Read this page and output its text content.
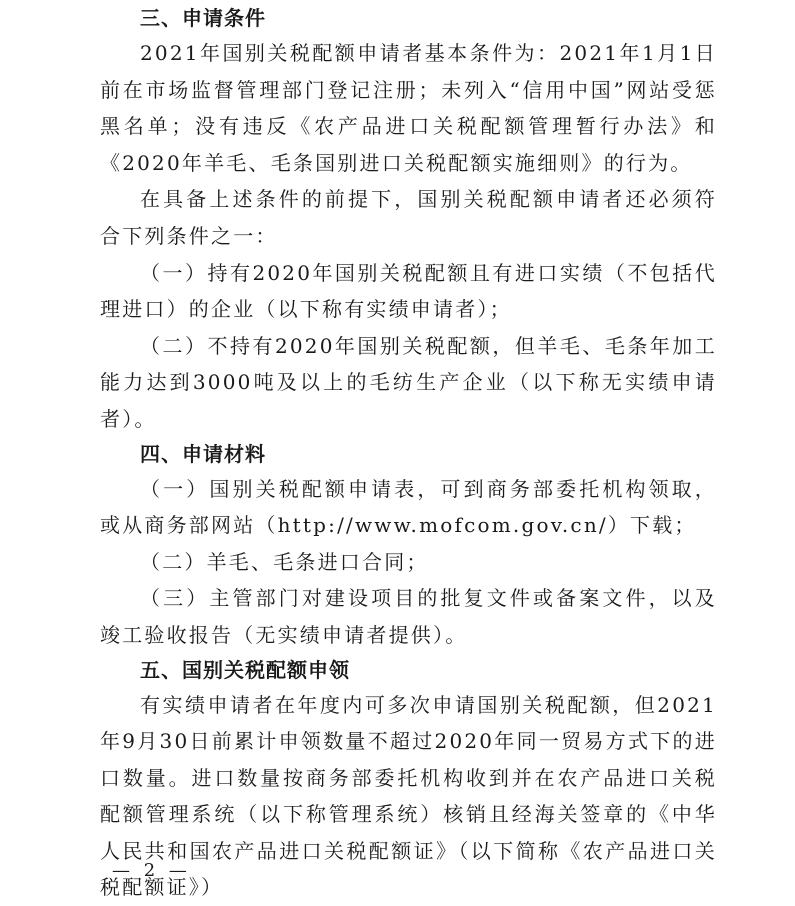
三、申请条件

2021年国别关税配额申请者基本条件为：2021年1月1日前在市场监督管理部门登记注册；未列入“信用中国”网站受惩黑名单；没有违反《农产品进口关税配额管理暂行办法》和《2020年羊毛、毛条国别进口关税配额实施细则》的行为。

在具备上述条件的前提下，国别关税配额申请者还必须符合下列条件之一：

（一）持有2020年国别关税配额且有进口实绩（不包括代理进口）的企业（以下称有实绩申请者）；

（二）不持有2020年国别关税配额，但羊毛、毛条年加工能力达到3000吨及以上的毛纺生产企业（以下称无实绩申请者）。

四、申请材料

（一）国别关税配额申请表，可到商务部委托机构领取，或从商务部网站（http://www.mofcom.gov.cn/）下载；

（二）羊毛、毛条进口合同；

（三）主管部门对建设项目的批复文件或备案文件，以及竣工验收报告（无实绩申请者提供）。

五、国别关税配额申领

有实绩申请者在年度内可多次申请国别关税配额，但2021年9月30日前累计申领数量不超过2020年同一贸易方式下的进口数量。进口数量按商务部委托机构收到并在农产品进口关税配额管理系统（以下称管理系统）核销且经海关签章的《中华人民共和国农产品进口关税配额证》（以下简称《农产品进口关税配额证》）

— 2 —
